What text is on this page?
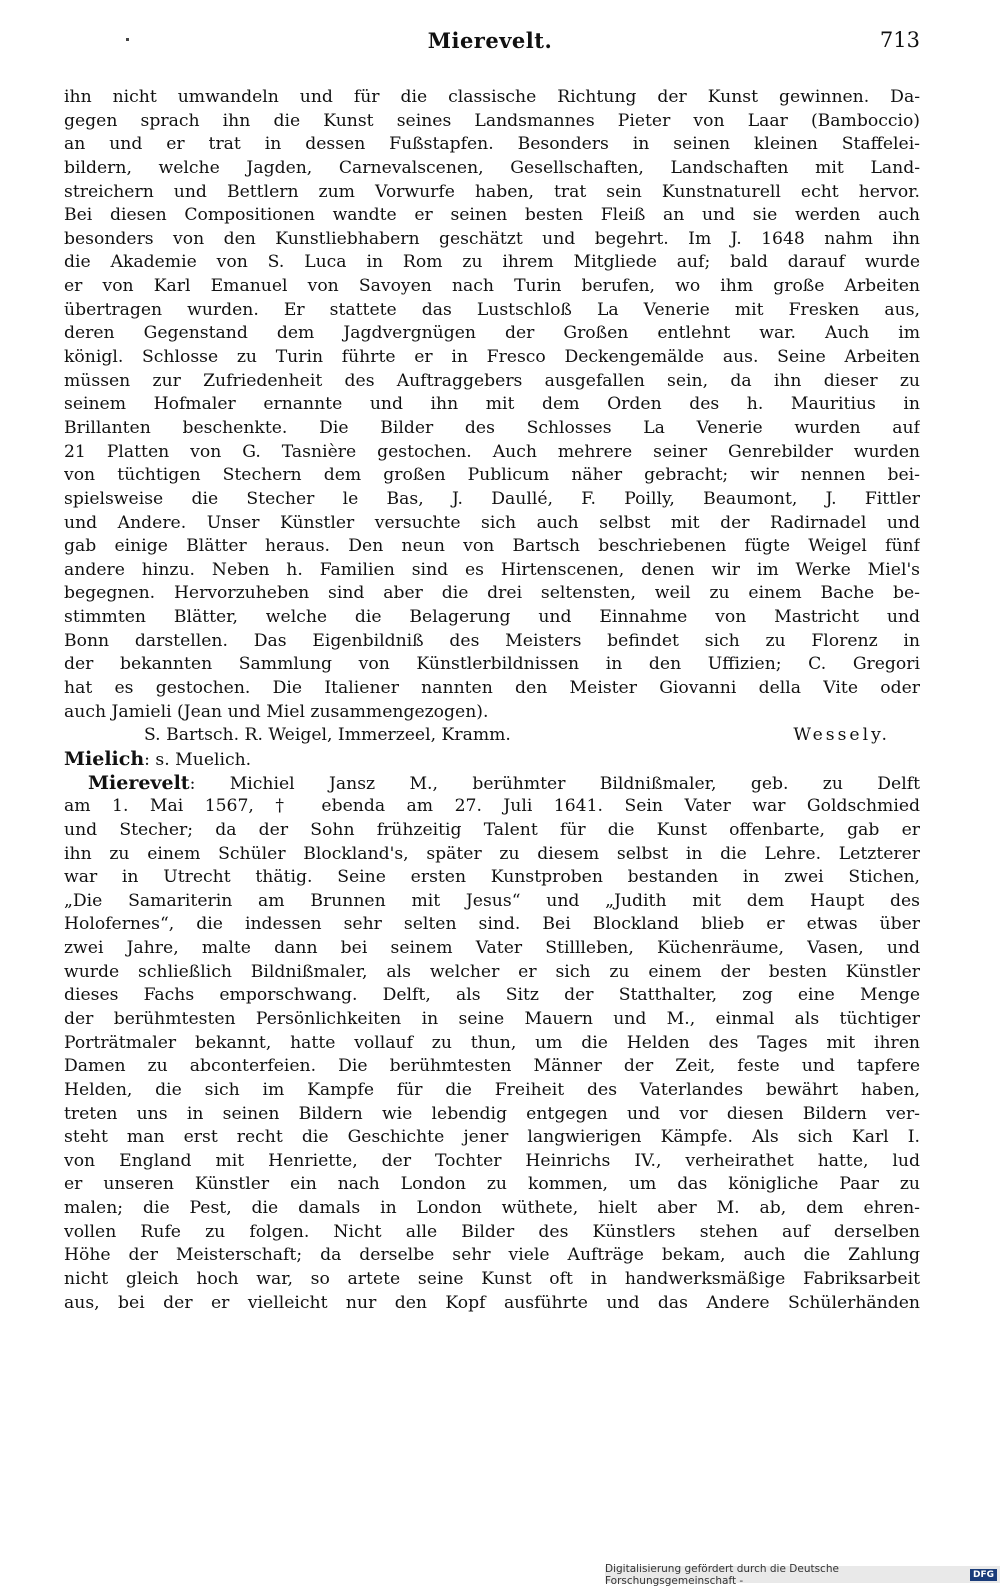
Mierevelt.	713
ihn nicht umwandeln und für die classische Richtung der Kunst gewinnen. Da-
gegen sprach ihn die Kunst seines Landsmannes Pieter von Laar (Bamboccio)
an und er trat in dessen Fußstapfen. Besonders in seinen kleinen Staffelei-
bildern, welche Jagden, Carnevalscenen, Gesellschaften, Landschaften mit Land-
streichern und Bettlern zum Vorwurfe haben, trat sein Kunstnaturell echt hervor.
Bei diesen Compositionen wandte er seinen besten Fleiß an und sie werden auch
besonders von den Kunstliebhabern geschätzt und begehrt. Im J. 1648 nahm ihn
die Akademie von S. Luca in Rom zu ihrem Mitgliede auf; bald darauf wurde
er von Karl Emanuel von Savoyen nach Turin berufen, wo ihm große Arbeiten
übertragen wurden. Er stattete das Lustschloß La Venerie mit Fresken aus,
deren Gegenstand dem Jagdvergnügen der Großen entlehnt war. Auch im
königl. Schlosse zu Turin führte er in Fresco Deckengemälde aus. Seine Arbeiten
müssen zur Zufriedenheit des Auftraggebers ausgefallen sein, da ihn dieser zu
seinem Hofmaler ernannte und ihn mit dem Orden des h. Mauritius in
Brillanten beschenkte. Die Bilder des Schlosses La Venerie wurden auf
21 Platten von G. Tasnière gestochen. Auch mehrere seiner Genrebilder wurden
von tüchtigen Stechern dem großen Publicum näher gebracht; wir nennen bei-
spielsweise die Stecher le Bas, J. Daullé, F. Poilly, Beaumont, J. Fittler
und Andere. Unser Künstler versuchte sich auch selbst mit der Radirnadel und
gab einige Blätter heraus. Den neun von Bartsch beschriebenen fügte Weigel fünf
andere hinzu. Neben h. Familien sind es Hirtenscenen, denen wir im Werke Miel's
begegnen. Hervorzuheben sind aber die drei seltensten, weil zu einem Bache be-
stimmten Blätter, welche die Belagerung und Einnahme von Mastricht und
Bonn darstellen. Das Eigenbildniß des Meisters befindet sich zu Florenz in
der bekannten Sammlung von Künstlerbildnissen in den Uffizien; C. Gregori
hat es gestochen. Die Italiener nannten den Meister Giovanni della Vite oder
auch Jamieli (Jean und Miel zusammengezogen).
S. Bartsch. R. Weigel, Immerzeel, Kramm.	Wessely.
Mielich: s. Muelich.
Mierevelt: Michiel Jansz M., berühmter Bildnißmaler, geb. zu Delft
am 1. Mai 1567, † ebenda am 27. Juli 1641. Sein Vater war Goldschmied
und Stecher; da der Sohn frühzeitig Talent für die Kunst offenbarte, gab er
ihn zu einem Schüler Blockland's, später zu diesem selbst in die Lehre. Letzterer
war in Utrecht thätig. Seine ersten Kunstproben bestanden in zwei Stichen,
„Die Samariterin am Brunnen mit Jesus“ und „Judith mit dem Haupt des
Holofernes“, die indessen sehr selten sind. Bei Blockland blieb er etwas über
zwei Jahre, malte dann bei seinem Vater Stillleben, Küchenräume, Vasen, und
wurde schließlich Bildnißmaler, als welcher er sich zu einem der besten Künstler
dieses Fachs emporschwang. Delft, als Sitz der Statthalter, zog eine Menge
der berühmtesten Persönlichkeiten in seine Mauern und M., einmal als tüchtiger
Porträtmaler bekannt, hatte vollauf zu thun, um die Helden des Tages mit ihren
Damen zu abconterfeien. Die berühmtesten Männer der Zeit, feste und tapfere
Helden, die sich im Kampfe für die Freiheit des Vaterlandes bewährt haben,
treten uns in seinen Bildern wie lebendig entgegen und vor diesen Bildern ver-
steht man erst recht die Geschichte jener langwierigen Kämpfe. Als sich Karl I.
von England mit Henriette, der Tochter Heinrichs IV., verheirathet hatte, lud
er unseren Künstler ein nach London zu kommen, um das königliche Paar zu
malen; die Pest, die damals in London wüthete, hielt aber M. ab, dem ehren-
vollen Rufe zu folgen. Nicht alle Bilder des Künstlers stehen auf derselben
Höhe der Meisterschaft; da derselbe sehr viele Aufträge bekam, auch die Zahlung
nicht gleich hoch war, so artete seine Kunst oft in handwerksmäßige Fabriksarbeit
aus, bei der er vielleicht nur den Kopf ausführte und das Andere Schülerhänden
Digitalisierung gefördert durch die Deutsche Forschungsgemeinschaft -	DFG
